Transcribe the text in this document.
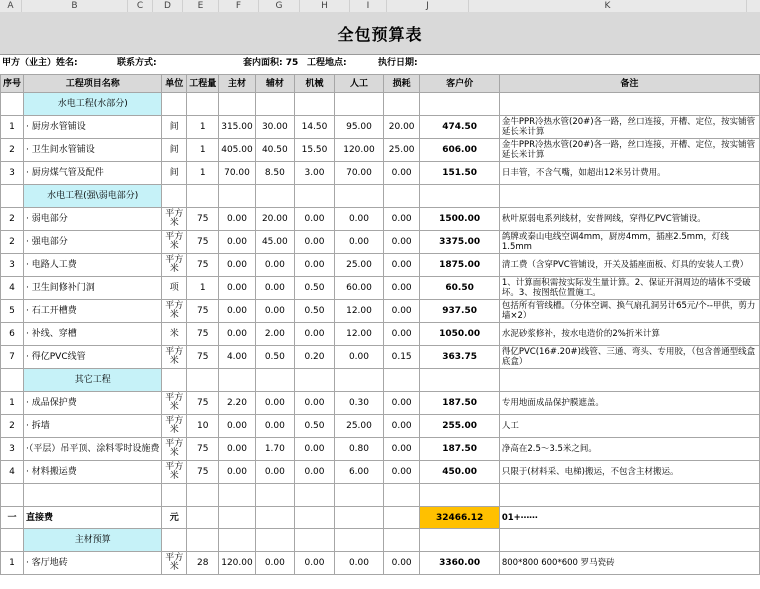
A	B	C	D	E	F	G	H	I	J	K
全包预算表
甲方（业主）姓名:	联系方式:	套内面积: 75 工程地点:	执行日期:
序号	工程项目名称	单位	工程量	主材	辅材	机械	人工	损耗	客户价	备注
	水电工程(水部分)									
1	· 厨房水管铺设	间	1	315.00	30.00	14.50	95.00	20.00	474.50	金牛PPR冷热水管(20#)各一路，丝口连接，开槽、定位，按实铺管延长米计算
2	· 卫生间水管铺设	间	1	405.00	40.50	15.50	120.00	25.00	606.00	金牛PPR冷热水管(20#)各一路，丝口连接，开槽、定位，按实铺管延长米计算
3	· 厨房煤气管及配件	间	1	70.00	8.50	3.00	70.00	0.00	151.50	日丰管，不含气嘴，如超出12米另计费用。
	水电工程(强\弱电部分)									
2	· 弱电部分	平方米	75	0.00	20.00	0.00	0.00	0.00	1500.00	秋叶原弱电系列线材，安普网线，穿得亿PVC管铺设。
2	· 强电部分	平方米	75	0.00	45.00	0.00	0.00	0.00	3375.00	鸽牌或秦山电线空调4mm，厨房4mm，插座2.5mm，灯线1.5mm
3	· 电路人工费	平方米	75	0.00	0.00	0.00	25.00	0.00	1875.00	清工费（含穿PVC管铺设，开关及插座面板、灯具的安装人工费）
4	· 卫生间修补门洞	项	1	0.00	0.00	0.50	60.00	0.00	60.50	1、计算面积需按实际发生量计算。2、保证开洞周边的墙体不受破坏。3、按图纸位置施工。
5	· 石工开槽费	平方米	75	0.00	0.00	0.50	12.00	0.00	937.50	包括所有管线槽。（分体空调、换气扇孔洞另计65元/个--甲供，剪力墙×2）
6	· 补线、穿槽	米	75	0.00	2.00	0.00	12.00	0.00	1050.00	水泥砂浆修补，按水电造价的2%折米计算
7	· 得亿PVC线管	平方米	75	4.00	0.50	0.20	0.00	0.15	363.75	得亿PVC(16#.20#)线管、三通、弯头、专用胶，（包含普通型线盒底盒）
	其它工程									
1	· 成品保护费	平方米	75	2.20	0.00	0.00	0.30	0.00	187.50	专用地面成品保护膜遮盖。
2	· 拆墙	平方米	10	0.00	0.00	0.50	25.00	0.00	255.00	人工
3	·（平层）吊平顶、涂料零时设施费	平方米	75	0.00	1.70	0.00	0.80	0.00	187.50	净高在2.5～3.5米之间。
4	· 材料搬运费	平方米	75	0.00	0.00	0.00	6.00	0.00	450.00	只限于(材料采、电梯)搬运，不包含主材搬运。

一	直接费	元							32466.12	01+⋯⋯
	主材预算									
1	· 客厅地砖	平方米	28	120.00	0.00	0.00	0.00	0.00	3360.00	800*800 600*600 罗马瓷砖
